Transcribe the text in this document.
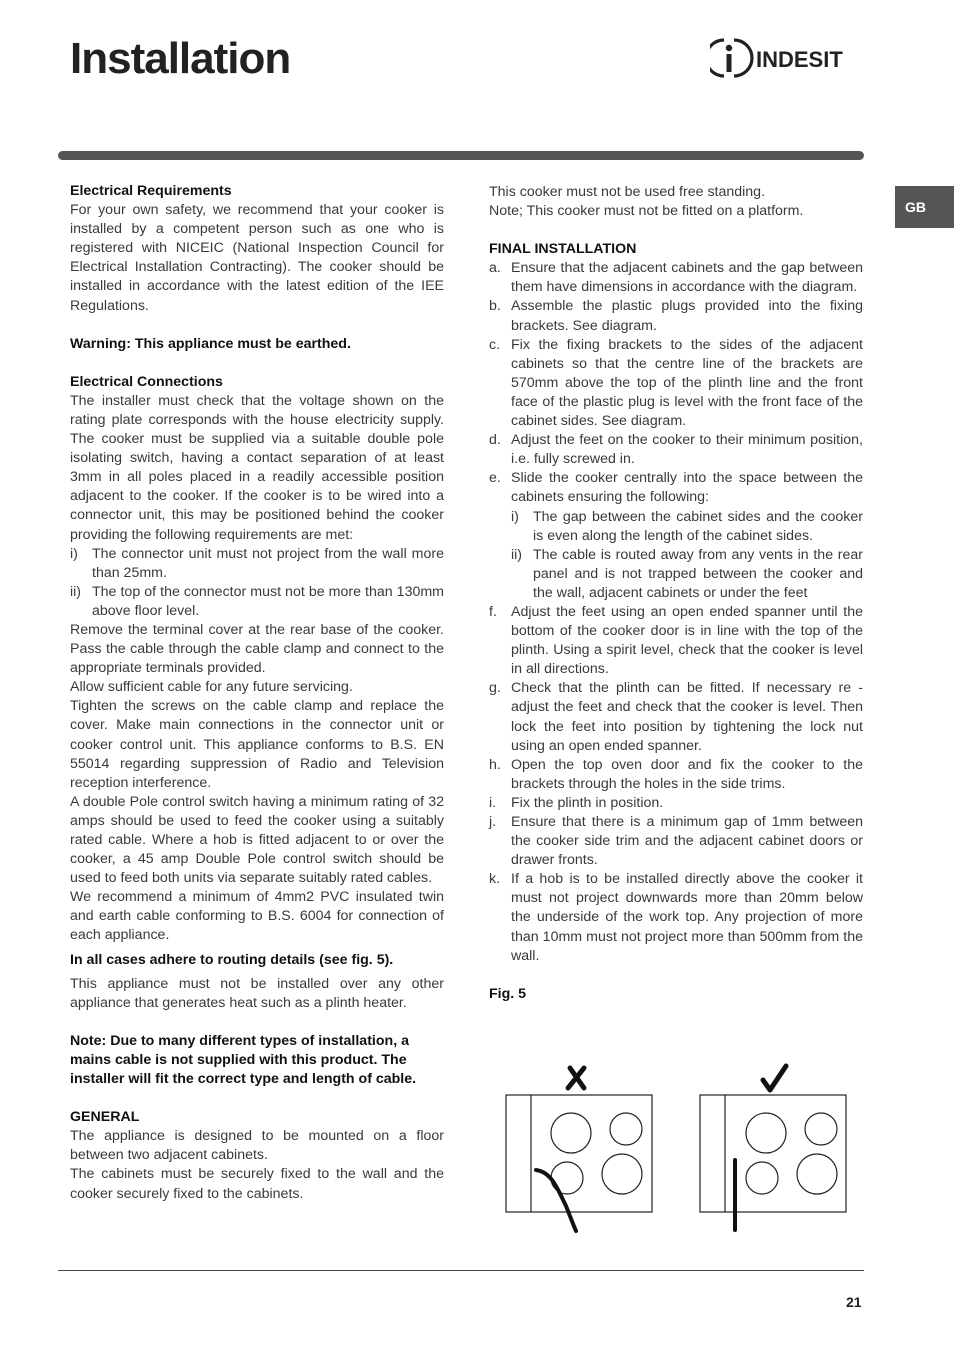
Installation	INDESIT
GB

Electrical Requirements

For your own safety, we recommend that your cooker is installed by a competent person such as one who is registered with NICEIC (National Inspection Council for Electrical Installation Contracting). The cooker should be installed in accordance with the latest edition of the IEE Regulations.

Warning: This appliance must be earthed.

Electrical Connections

The installer must check that the voltage shown on the rating plate corresponds with the house electricity supply. The cooker must be supplied via a suitable double pole isolating switch, having a contact separation of at least 3mm in all poles placed in a readily accessible position adjacent to the cooker. If the cooker is to be wired into a connector unit, this may be positioned behind the cooker providing the following requirements are met:

i) The connector unit must not project from the wall more than 25mm.
ii) The top of the connector must not be more than 130mm above floor level.

Remove the terminal cover at the rear base of the cooker. Pass the cable through the cable clamp and connect to the appropriate terminals provided.

Allow sufficient cable for any future servicing.

Tighten the screws on the cable clamp and replace the cover. Make main connections in the connector unit or cooker control unit. This appliance conforms to B.S. EN 55014 regarding suppression of Radio and Television reception interference.

A double Pole control switch having a minimum rating of 32 amps should be used to feed the cooker using a suitably rated cable. Where a hob is fitted adjacent to or over the cooker, a 45 amp Double Pole control switch should be used to feed both units via separate suitably rated cables.

We recommend a minimum of 4mm2 PVC insulated twin and earth cable conforming to B.S. 6004 for connection of each appliance.

In all cases adhere to routing details (see fig. 5).

This appliance must not be installed over any other appliance that generates heat such as a plinth heater.

Note: Due to many different types of installation, a mains cable is not supplied with this product. The installer will fit the correct type and length of cable.

GENERAL

The appliance is designed to be mounted on a floor between two adjacent cabinets.

The cabinets must be securely fixed to the wall and the cooker securely fixed to the cabinets.

This cooker must not be used free standing.

Note; This cooker must not be fitted on a platform.

FINAL INSTALLATION

a. Ensure that the adjacent cabinets and the gap between them have dimensions in accordance with the diagram.
b. Assemble the plastic plugs provided into the fixing brackets. See diagram.
c. Fix the fixing brackets to the sides of the adjacent cabinets so that the centre line of the brackets are 570mm above the top of the plinth line and the front face of the plastic plug is level with the front face of the cabinet sides. See diagram.
d. Adjust the feet on the cooker to their minimum position, i.e. fully screwed in.
e. Slide the cooker centrally into the space between the cabinets ensuring the following:
i) The gap between the cabinet sides and the cooker is even along the length of the cabinet sides.
ii) The cable is routed away from any vents in the rear panel and is not trapped between the cooker and the wall, adjacent cabinets or under the feet
f. Adjust the feet using an open ended spanner until the bottom of the cooker door is in line with the top of the plinth. Using a spirit level, check that the cooker is level in all directions.
g. Check that the plinth can be fitted. If necessary re - adjust the feet and check that the cooker is level. Then lock the feet into position by tightening the lock nut using an open ended spanner.
h. Open the top oven door and fix the cooker to the brackets through the holes in the side trims.
i.	Fix the plinth in position.
j.	Ensure that there is a minimum gap of 1mm between the cooker side trim and the adjacent cabinet doors or drawer fronts.
k. If a hob is to be installed directly above the cooker it must not project downwards more than 20mm below the underside of the work top. Any projection of more than 10mm must not project more than 500mm from the wall.

Fig. 5

21
